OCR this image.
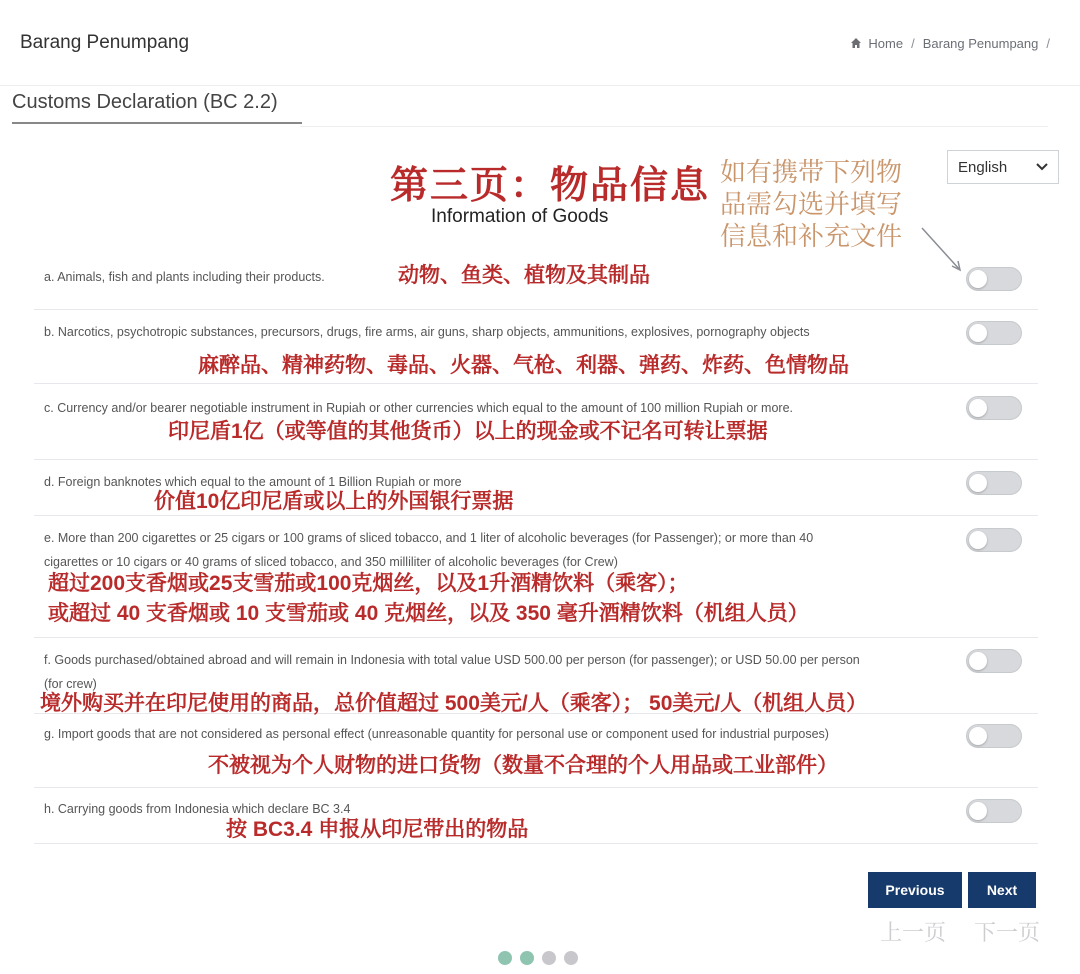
Barang Penumpang	Home / Barang Penumpang /
Customs Declaration (BC 2.2)
第三页：物品信息
Information of Goods
如有携带下列物
品需勾选并填写
信息和补充文件
English
a. Animals, fish and plants including their products.	动物、鱼类、植物及其制品
b. Narcotics, psychotropic substances, precursors, drugs, fire arms, air guns, sharp objects, ammunitions, explosives, pornography objects
麻醉品、精神药物、毒品、火器、气枪、利器、弹药、炸药、色情物品
c. Currency and/or bearer negotiable instrument in Rupiah or other currencies which equal to the amount of 100 million Rupiah or more.
印尼盾1亿（或等值的其他货币）以上的现金或不记名可转让票据
d. Foreign banknotes which equal to the amount of 1 Billion Rupiah or more
价值10亿印尼盾或以上的外国银行票据
e. More than 200 cigarettes or 25 cigars or 100 grams of sliced tobacco, and 1 liter of alcoholic beverages (for Passenger); or more than 40 cigarettes or 10 cigars or 40 grams of sliced tobacco, and 350 milliliter of alcoholic beverages (for Crew)
超过200支香烟或25支雪茄或100克烟丝，以及1升酒精饮料（乘客）；
或超过 40 支香烟或 10 支雪茄或 40 克烟丝，以及 350 毫升酒精饮料（机组人员）
f. Goods purchased/obtained abroad and will remain in Indonesia with total value USD 500.00 per person (for passenger); or USD 50.00 per person (for crew)
境外购买并在印尼使用的商品，总价值超过 500美元/人（乘客）； 50美元/人（机组人员）
g. Import goods that are not considered as personal effect (unreasonable quantity for personal use or component used for industrial purposes)
不被视为个人财物的进口货物（数量不合理的个人用品或工业部件）
h. Carrying goods from Indonesia which declare BC 3.4
按 BC3.4 申报从印尼带出的物品
Previous	Next
上一页 下一页
